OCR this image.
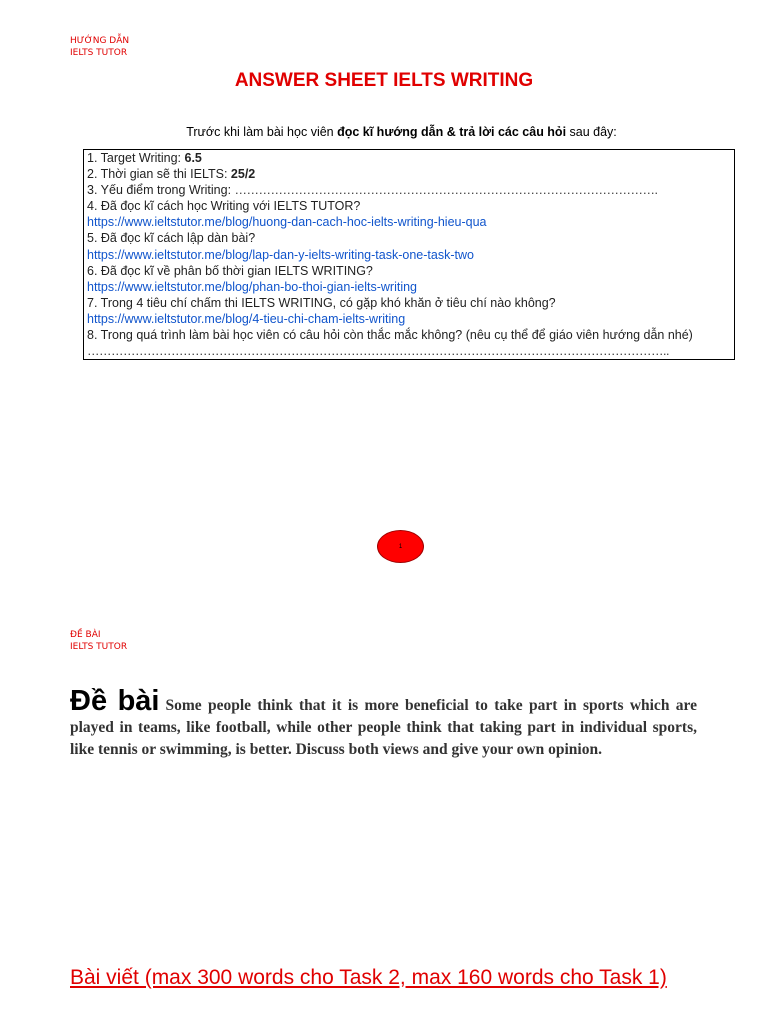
HƯỚNG DẪN
IELTS TUTOR
ANSWER SHEET IELTS WRITING
Trước khi làm bài học viên đọc kĩ hướng dẫn & trả lời các câu hỏi sau đây:
1. Target Writing: 6.5
2. Thời gian sẽ thi IELTS: 25/2
3. Yếu điểm trong Writing: …………………………………………………………………………………………….
4. Đã đọc kĩ cách học Writing với IELTS TUTOR?
https://www.ieltstutor.me/blog/huong-dan-cach-hoc-ielts-writing-hieu-qua
5. Đã đọc kĩ cách lập dàn bài?
https://www.ieltstutor.me/blog/lap-dan-y-ielts-writing-task-one-task-two
6. Đã đọc kĩ về phân bố thời gian IELTS WRITING?
https://www.ieltstutor.me/blog/phan-bo-thoi-gian-ielts-writing
7. Trong 4 tiêu chí chấm thi IELTS WRITING, có gặp khó khăn ở tiêu chí nào không?
https://www.ieltstutor.me/blog/4-tieu-chi-cham-ielts-writing
8. Trong quá trình làm bài học viên có câu hỏi còn thắc mắc không? (nêu cụ thể để giáo viên hướng dẫn nhé)
………………………………………………………………………………………………………………………………..
1
ĐỀ BÀI
IELTS TUTOR
Đề bài Some people think that it is more beneficial to take part in sports which are played in teams, like football, while other people think that taking part in individual sports, like tennis or swimming, is better. Discuss both views and give your own opinion.
Bài viết (max 300 words cho Task 2, max 160 words cho Task 1)
